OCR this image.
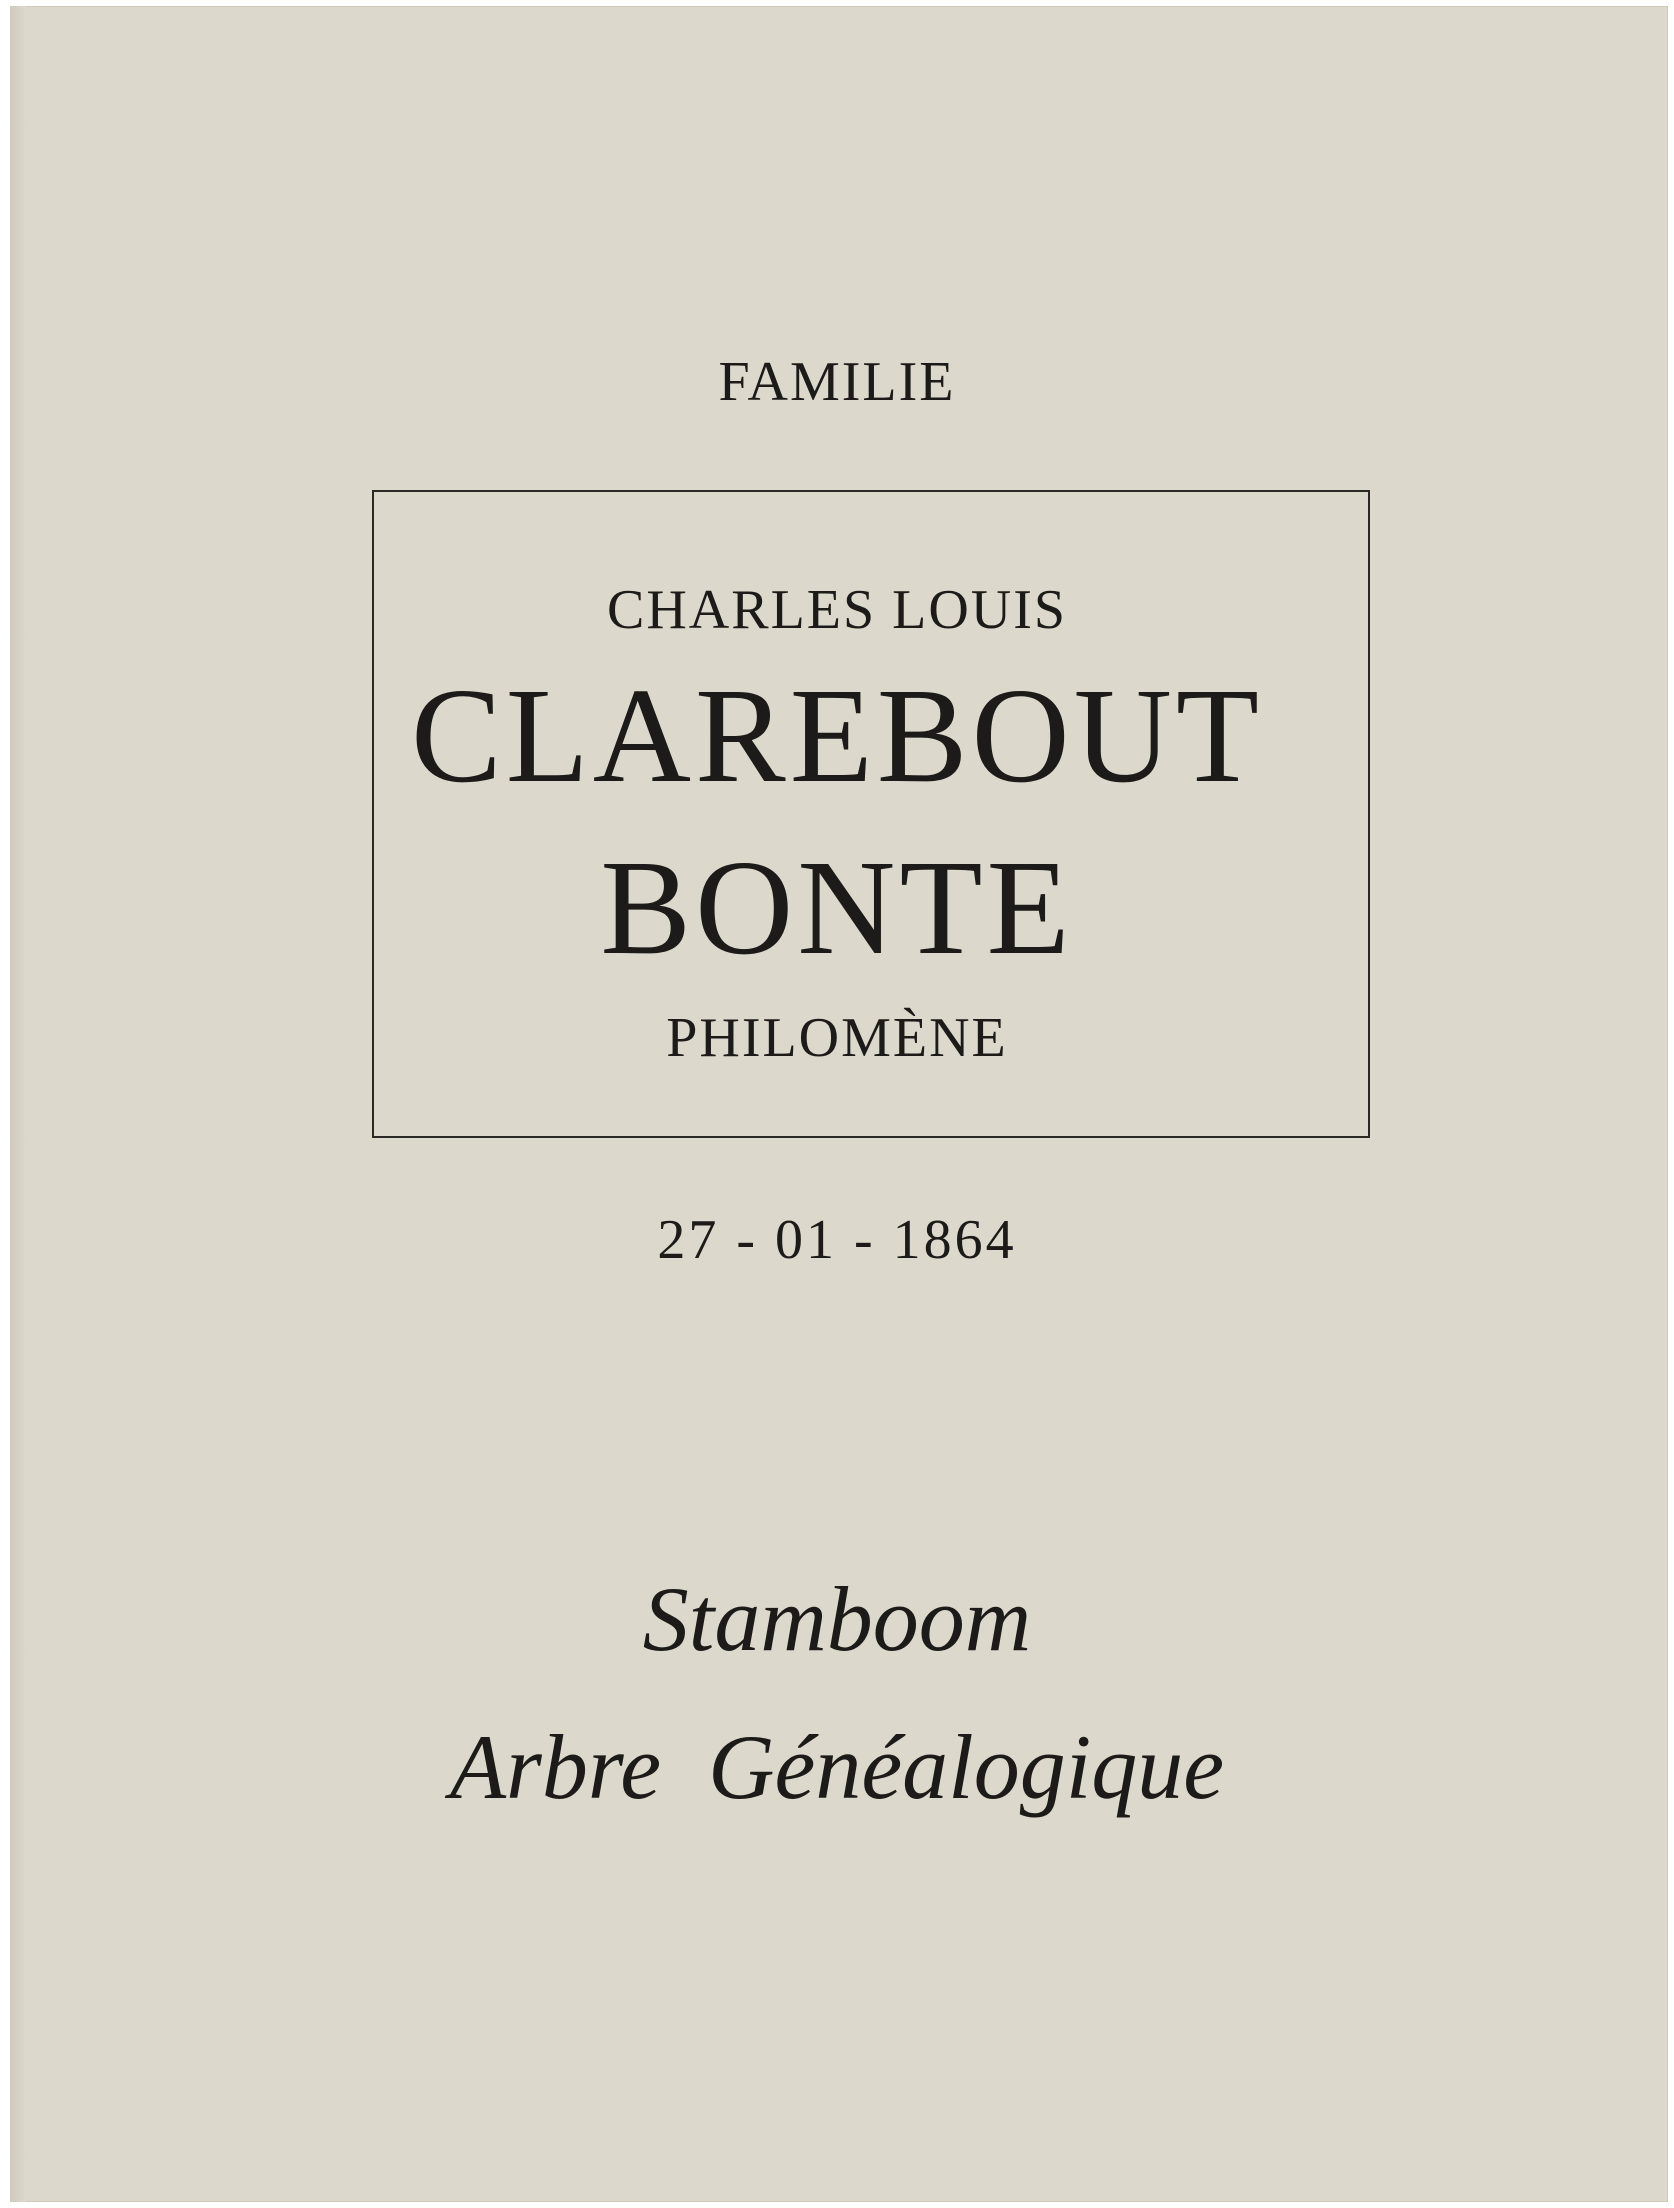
FAMILIE
CHARLES LOUIS
CLAREBOUT
BONTE
PHILOMÈNE
27 - 01 - 1864
Stamboom
Arbre Généalogique
